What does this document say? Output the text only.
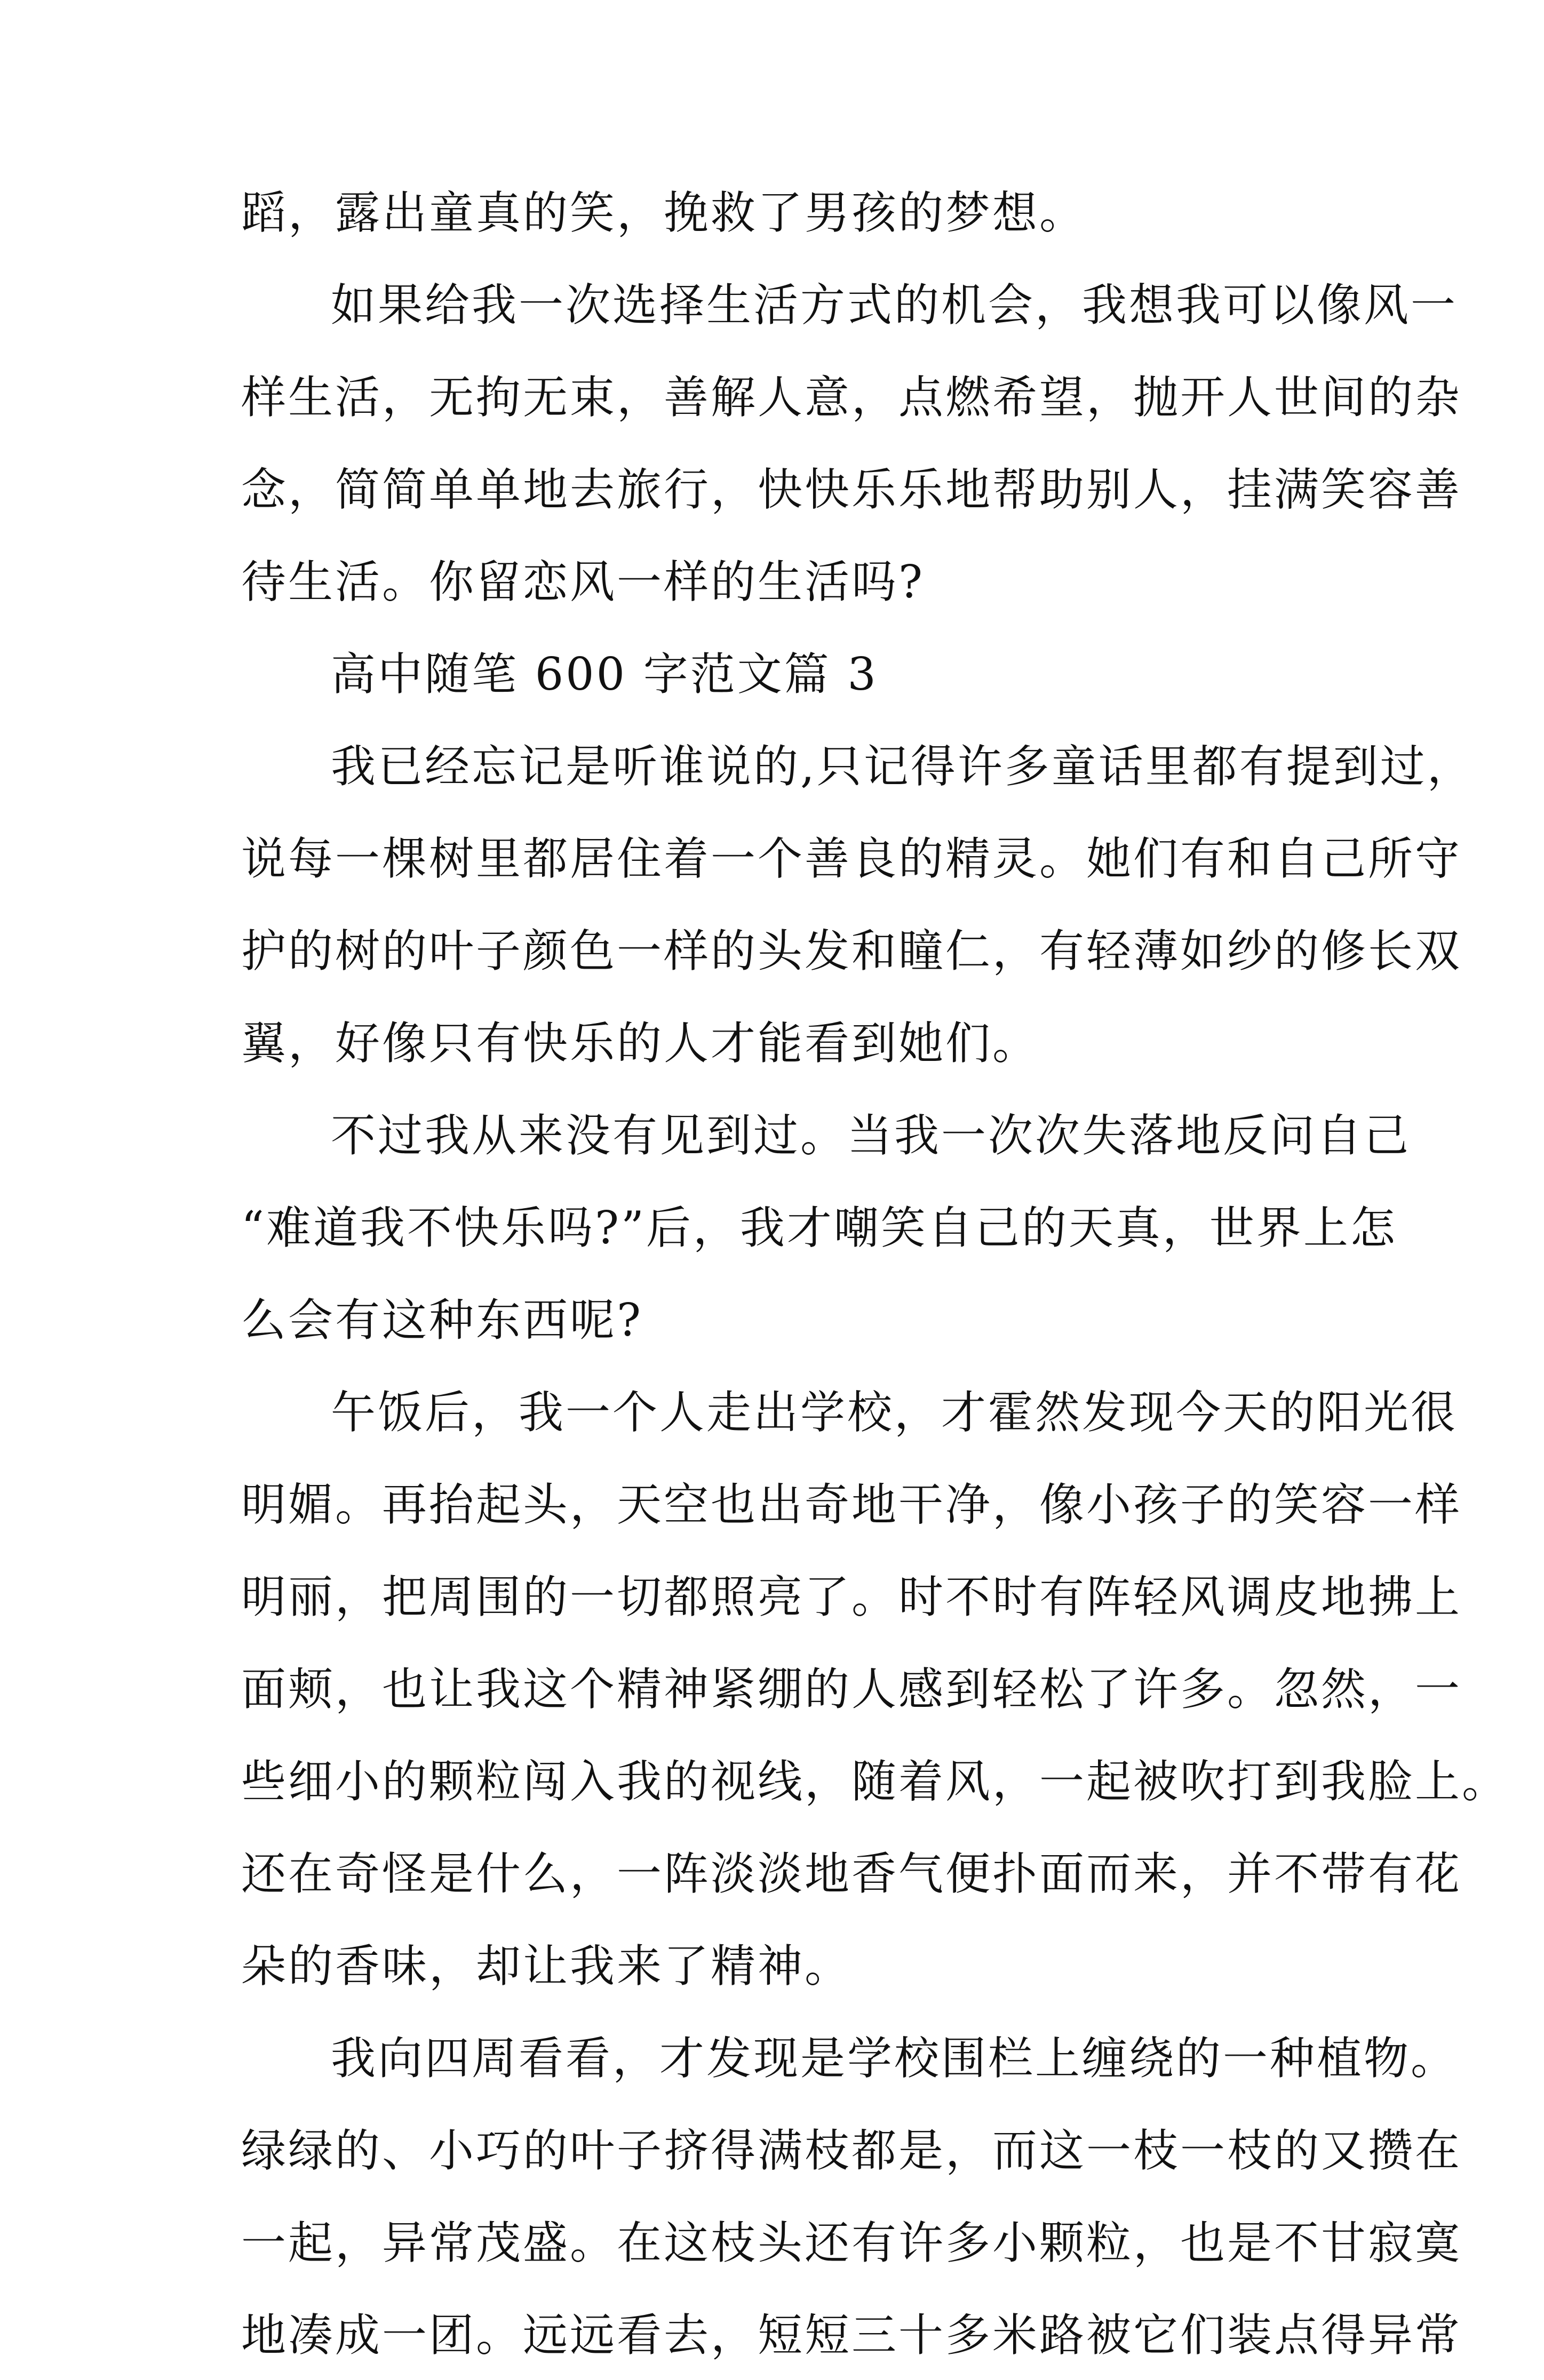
蹈，露出童真的笑，挽救了男孩的梦想。
如果给我一次选择生活方式的机会，我想我可以像风一
样生活，无拘无束，善解人意，点燃希望，抛开人世间的杂
念，简简单单地去旅行，快快乐乐地帮助别人，挂满笑容善
待生活。你留恋风一样的生活吗?
高中随笔 600 字范文篇 3
我已经忘记是听谁说的,只记得许多童话里都有提到过，
说每一棵树里都居住着一个善良的精灵。她们有和自己所守
护的树的叶子颜色一样的头发和瞳仁，有轻薄如纱的修长双
翼，好像只有快乐的人才能看到她们。
不过我从来没有见到过。当我一次次失落地反问自己
“难道我不快乐吗?”后，我才嘲笑自己的天真，世界上怎
么会有这种东西呢?
午饭后，我一个人走出学校，才霍然发现今天的阳光很
明媚。再抬起头，天空也出奇地干净，像小孩子的笑容一样
明丽，把周围的一切都照亮了。时不时有阵轻风调皮地拂上
面颊，也让我这个精神紧绷的人感到轻松了许多。忽然，一
些细小的颗粒闯入我的视线，随着风，一起被吹打到我脸上。
还在奇怪是什么，一阵淡淡地香气便扑面而来，并不带有花
朵的香味，却让我来了精神。
我向四周看看，才发现是学校围栏上缠绕的一种植物。
绿绿的、小巧的叶子挤得满枝都是，而这一枝一枝的又攒在
一起，异常茂盛。在这枝头还有许多小颗粒，也是不甘寂寞
地凑成一团。远远看去，短短三十多米路被它们装点得异常
